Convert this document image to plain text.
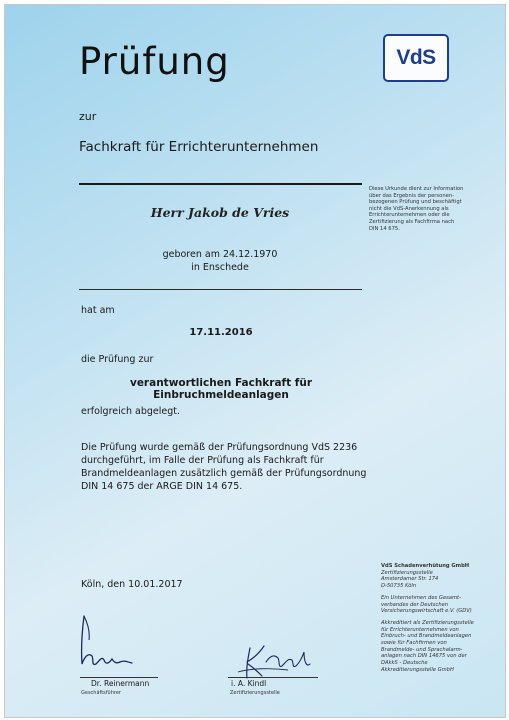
Prüfung	VdS
zur
Fachkraft für Errichterunternehmen
Diese Urkunde dient zur Information
über das Ergebnis der personen-
bezogenen Prüfung und beschäftigt
nicht die VdS-Anerkennung als
Errichterunternehmen oder die
Zertifizierung als Fachfirma nach
DIN 14 675.
Herr Jakob de Vries
geboren am 24.12.1970
in Enschede
hat am
17.11.2016
die Prüfung zur
verantwortlichen Fachkraft für Einbruchmeldeanlagen
erfolgreich abgelegt.
Die Prüfung wurde gemäß der Prüfungsordnung VdS 2236
durchgeführt, im Falle der Prüfung als Fachkraft für
Brandmeldeanlagen zusätzlich gemäß der Prüfungsordnung
DIN 14 675 der ARGE DIN 14 675.

VdS Schadenverhütung GmbH
Zertifizierungsstelle
Amsterdamer Str. 174
D-50735 Köln

Ein Unternehmen des Gesamt-
verbandes der Deutschen
Versicherungswirtschaft e.V. (GDV)

Akkreditiert als Zertifizierungsstelle
für Errichterunternehmen von
Einbruch- und Brandmeldeanlagen
sowie für Fachfirmen von
Brandmelde- und Sprachalarm-
anlagen nach DIN 14675 von der
DAkkS - Deutsche
Akkreditierungsstelle GmbH

Köln, den 10.01.2017
Dr. Reinermann
Geschäftsführer
i. A. Kindl
Zertifizierungsstelle
